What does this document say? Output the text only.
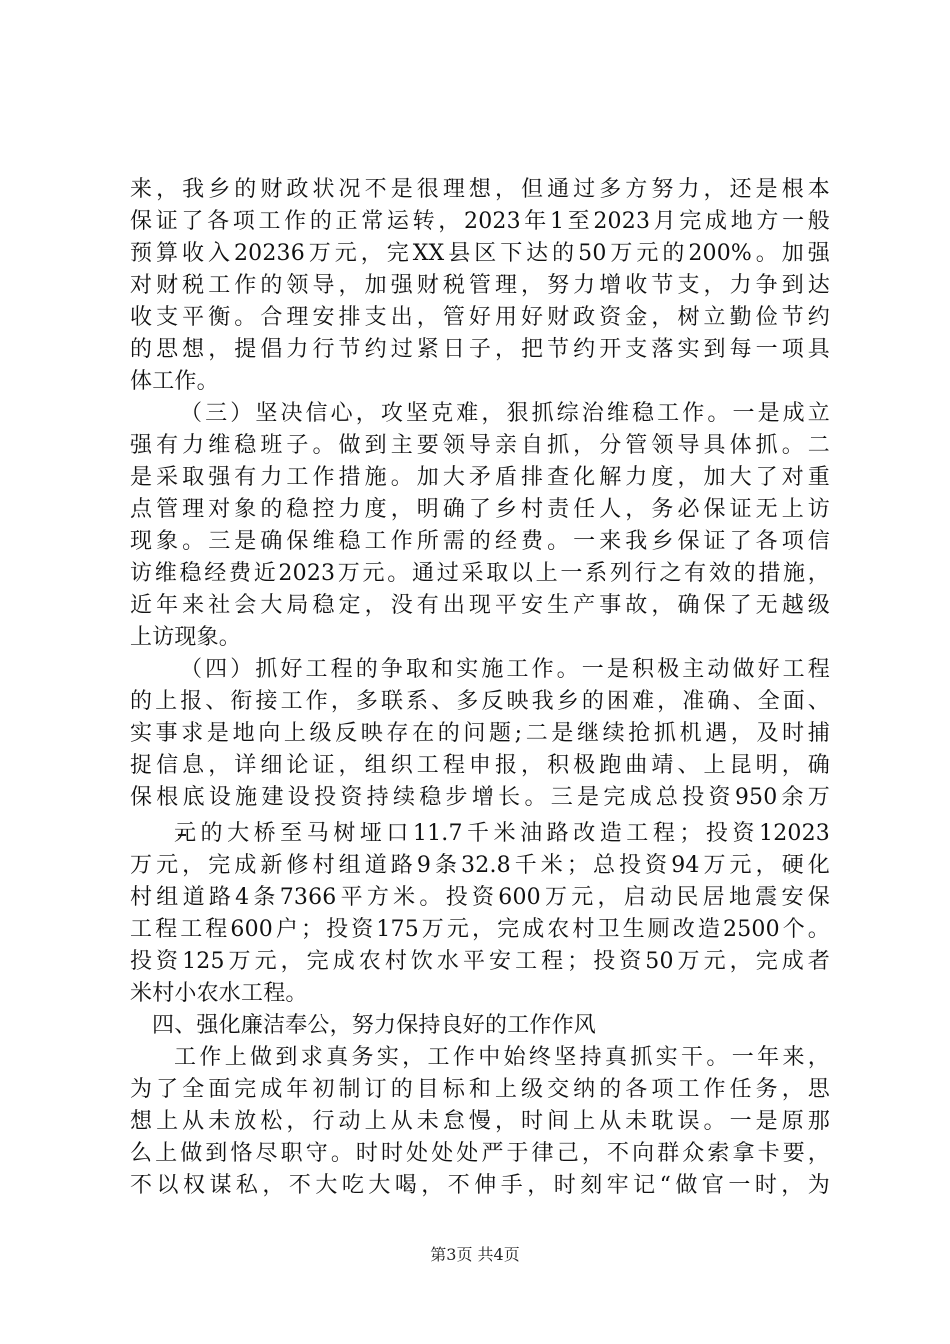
来，我乡的财政状况不是很理想，但通过多方努力，还是根本
保证了各项工作的正常运转，2023年1至2023月完成地方一般
预算收入20236万元，完XX县区下达的50万元的200%。加强
对财税工作的领导，加强财税管理，努力增收节支，力争到达
收支平衡。合理安排支出，管好用好财政资金，树立勤俭节约
的思想，提倡力行节约过紧日子，把节约开支落实到每一项具
体工作。
（三）坚决信心，攻坚克难，狠抓综治维稳工作。一是成立
强有力维稳班子。做到主要领导亲自抓，分管领导具体抓。二
是采取强有力工作措施。加大矛盾排查化解力度，加大了对重
点管理对象的稳控力度，明确了乡村责任人，务必保证无上访
现象。三是确保维稳工作所需的经费。一来我乡保证了各项信
访维稳经费近2023万元。通过采取以上一系列行之有效的措施，
近年来社会大局稳定，没有出现平安生产事故，确保了无越级
上访现象。
（四）抓好工程的争取和实施工作。一是积极主动做好工程
的上报、衔接工作，多联系、多反映我乡的困难，准确、全面、
实事求是地向上级反映存在的问题;二是继续抢抓机遇，及时捕
捉信息，详细论证，组织工程申报，积极跑曲靖、上昆明，确
保根底设施建设投资持续稳步增长。三是完成总投资950余万
元的大桥至马树垭口11.7千米油路改造工程；投资12023
万元，完成新修村组道路9条32.8千米；总投资94万元，硬化
村组道路4条7366平方米。投资600万元，启动民居地震安保
工程工程600户；投资175万元，完成农村卫生厕改造2500个。
投资125万元，完成农村饮水平安工程；投资50万元，完成者
米村小农水工程。
四、强化廉洁奉公，努力保持良好的工作作风
工作上做到求真务实，工作中始终坚持真抓实干。一年来，
为了全面完成年初制订的目标和上级交纳的各项工作任务，思
想上从未放松，行动上从未怠慢，时间上从未耽误。一是原那
么上做到恪尽职守。时时处处处严于律己，不向群众索拿卡要，
不以权谋私，不大吃大喝，不伸手，时刻牢记“做官一时，为
第3页 共4页
